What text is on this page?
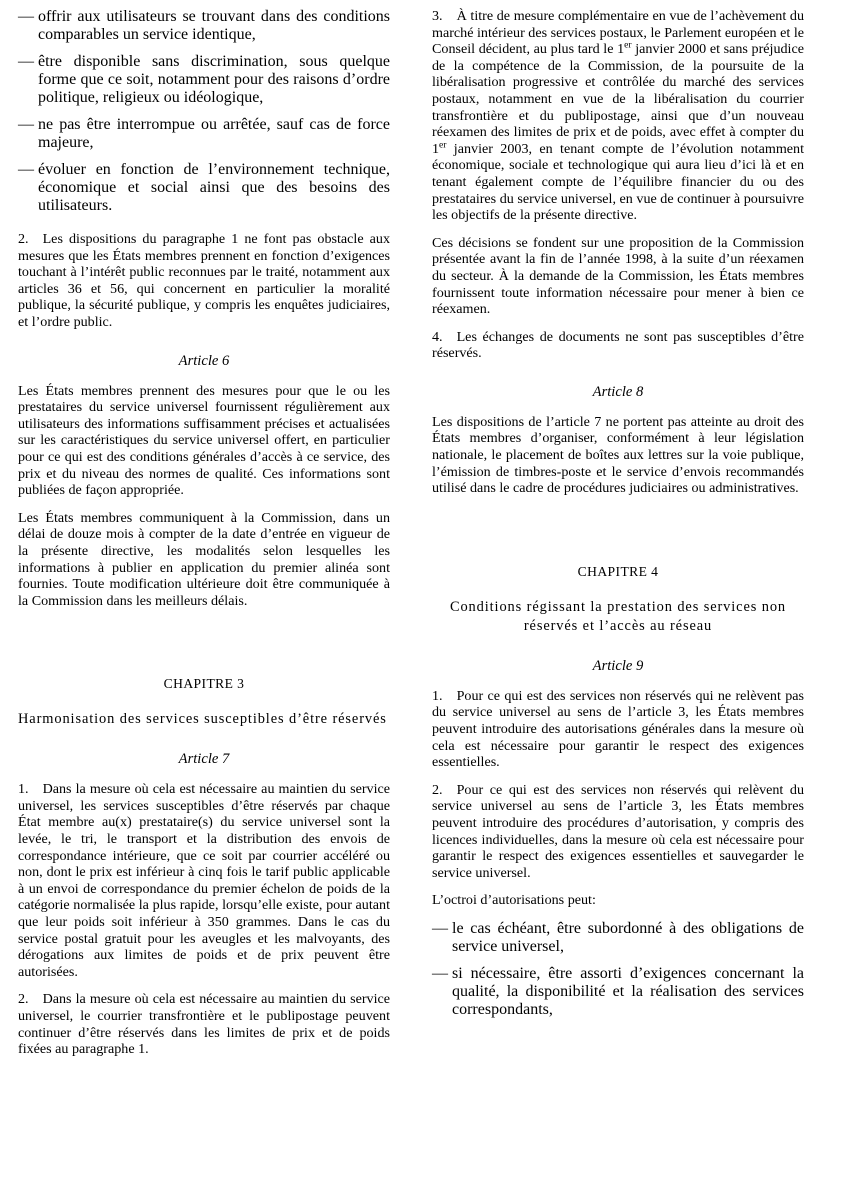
— offrir aux utilisateurs se trouvant dans des conditions comparables un service identique,
— être disponible sans discrimination, sous quelque forme que ce soit, notamment pour des raisons d’ordre politique, religieux ou idéologique,
— ne pas être interrompue ou arrêtée, sauf cas de force majeure,
— évoluer en fonction de l’environnement technique, économique et social ainsi que des besoins des utilisateurs.

2. Les dispositions du paragraphe 1 ne font pas obstacle aux mesures que les États membres prennent en fonction d’exigences touchant à l’intérêt public reconnues par le traité, notamment aux articles 36 et 56, qui concernent en particulier la moralité publique, la sécurité publique, y compris les enquêtes judiciaires, et l’ordre public.

Article 6

Les États membres prennent des mesures pour que le ou les prestataires du service universel fournissent régulièrement aux utilisateurs des informations suffisamment précises et actualisées sur les caractéristiques du service universel offert, en particulier pour ce qui est des conditions générales d’accès à ce service, des prix et du niveau des normes de qualité. Ces informations sont publiées de façon appropriée.

Les États membres communiquent à la Commission, dans un délai de douze mois à compter de la date d’entrée en vigueur de la présente directive, les modalités selon lesquelles les informations à publier en application du premier alinéa sont fournies. Toute modification ultérieure doit être communiquée à la Commission dans les meilleurs délais.

CHAPITRE 3
Harmonisation des services susceptibles d’être réservés
Article 7

1. Dans la mesure où cela est nécessaire au maintien du service universel, les services susceptibles d’être réservés par chaque État membre au(x) prestataire(s) du service universel sont la levée, le tri, le transport et la distribution des envois de correspondance intérieure, que ce soit par courrier accéléré ou non, dont le prix est inférieur à cinq fois le tarif public applicable à un envoi de correspondance du premier échelon de poids de la catégorie normalisée la plus rapide, lorsqu’elle existe, pour autant que leur poids soit inférieur à 350 grammes. Dans le cas du service postal gratuit pour les aveugles et les malvoyants, des dérogations aux limites de poids et de prix peuvent être autorisées.

2. Dans la mesure où cela est nécessaire au maintien du service universel, le courrier transfrontière et le publipostage peuvent continuer d’être réservés dans les limites de prix et de poids fixées au paragraphe 1.

3. À titre de mesure complémentaire en vue de l’achèvement du marché intérieur des services postaux, le Parlement européen et le Conseil décident, au plus tard le 1er janvier 2000 et sans préjudice de la compétence de la Commission, de la poursuite de la libéralisation progressive et contrôlée du marché des services postaux, notamment en vue de la libéralisation du courrier transfrontière et du publipostage, ainsi que d’un nouveau réexamen des limites de prix et de poids, avec effet à compter du 1er janvier 2003, en tenant compte de l’évolution notamment économique, sociale et technologique qui aura lieu d’ici là et en tenant également compte de l’équilibre financier du ou des prestataires du service universel, en vue de continuer à poursuivre les objectifs de la présente directive.

Ces décisions se fondent sur une proposition de la Commission présentée avant la fin de l’année 1998, à la suite d’un réexamen du secteur. À la demande de la Commission, les États membres fournissent toute information nécessaire pour mener à bien ce réexamen.

4. Les échanges de documents ne sont pas susceptibles d’être réservés.

Article 8

Les dispositions de l’article 7 ne portent pas atteinte au droit des États membres d’organiser, conformément à leur législation nationale, le placement de boîtes aux lettres sur la voie publique, l’émission de timbres-poste et le service d’envois recommandés utilisé dans le cadre de procédures judiciaires ou administratives.

CHAPITRE 4
Conditions régissant la prestation des services non réservés et l’accès au réseau
Article 9

1. Pour ce qui est des services non réservés qui ne relèvent pas du service universel au sens de l’article 3, les États membres peuvent introduire des autorisations générales dans la mesure où cela est nécessaire pour garantir le respect des exigences essentielles.

2. Pour ce qui est des services non réservés qui relèvent du service universel au sens de l’article 3, les États membres peuvent introduire des procédures d’autorisation, y compris des licences individuelles, dans la mesure où cela est nécessaire pour garantir le respect des exigences essentielles et sauvegarder le service universel.

L’octroi d’autorisations peut:

— le cas échéant, être subordonné à des obligations de service universel,
— si nécessaire, être assorti d’exigences concernant la qualité, la disponibilité et la réalisation des services correspondants,
